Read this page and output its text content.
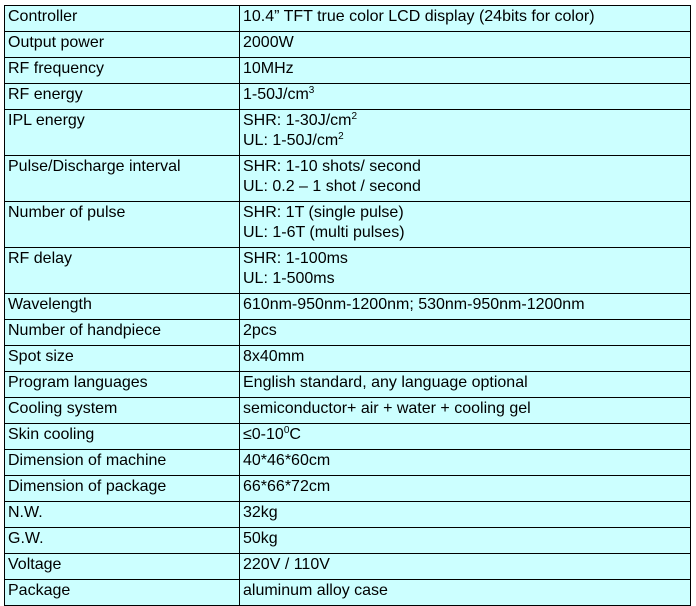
Controller	10.4” TFT true color LCD display (24bits for color)

Output power	2000W

RF frequency	10MHz

RF energy	$1-50J/cm^3$

IPL energy	SHR: $1-30J/cm^2$
UL: $1-50J/cm^2$

Pulse/Discharge interval	SHR: 1-10 shots/ second
UL: 0.2 – 1 shot / second

Number of pulse	SHR: 1T (single pulse)
UL: 1-6T (multi pulses)

RF delay	SHR: 1-100ms
UL: 1-500ms

Wavelength	610nm-950nm-1200nm; 530nm-950nm-1200nm

Number of handpiece	2pcs

Spot size	8x40mm

Program languages	English standard, any language optional

Cooling system	semiconductor+ air + water + cooling gel

Skin cooling	$\le 0-10^0C$

Dimension of machine	40*46*60cm

Dimension of package	66*66*72cm

N.W.	32kg

G.W.	50kg

Voltage	220V / 110V

Package	aluminum alloy case
